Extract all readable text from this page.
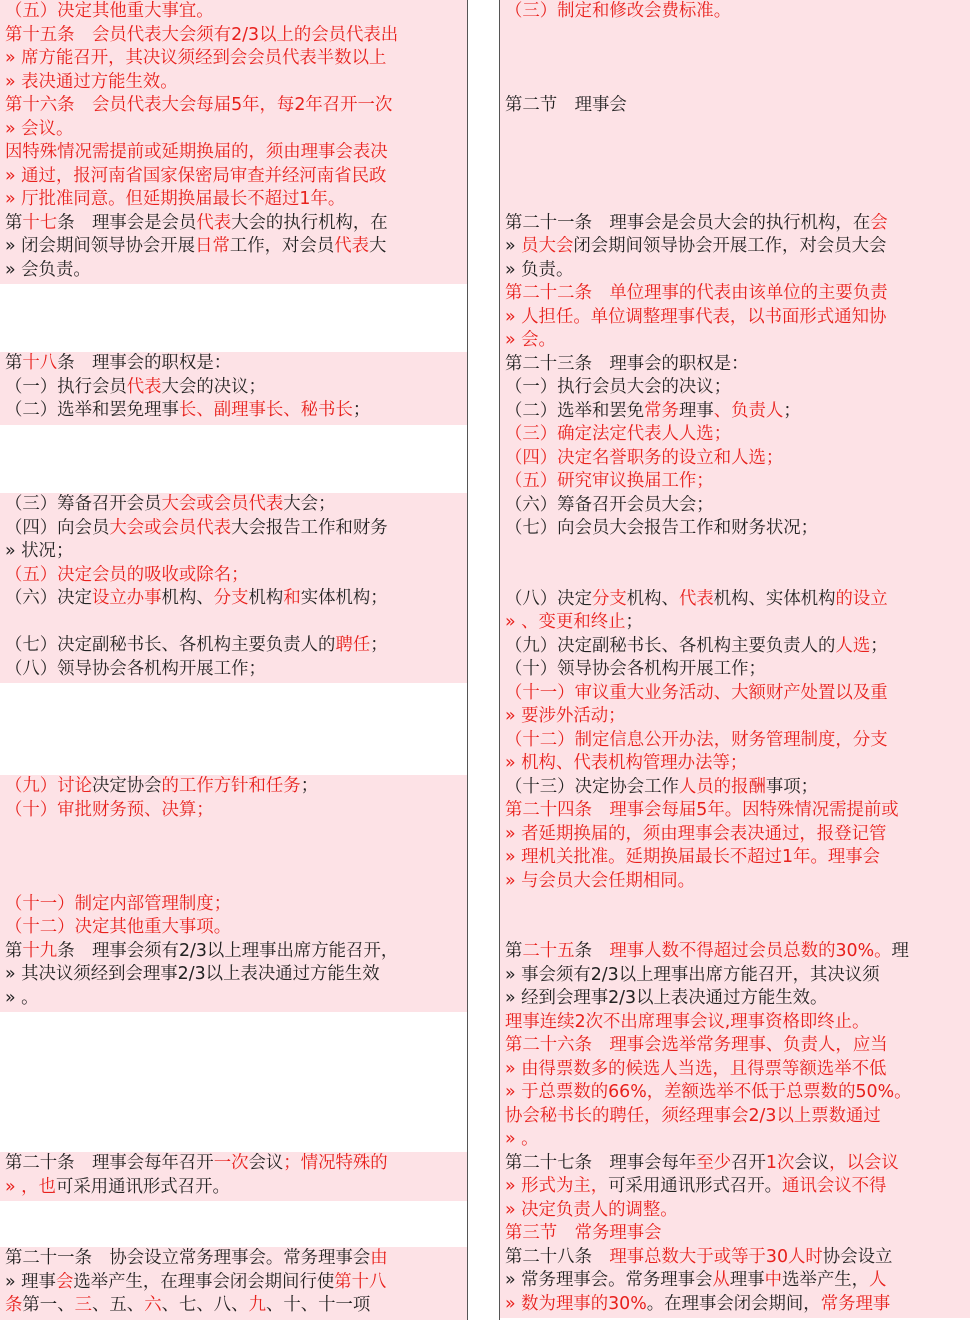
（五）决定其他重大事宜。
第十五条　会员代表大会须有2/3以上的会员代表出
» 席方能召开，其决议须经到会会员代表半数以上
» 表决通过方能生效。
第十六条　会员代表大会每届5年，每2年召开一次
» 会议。
因特殊情况需提前或延期换届的，须由理事会表决
» 通过，报河南省国家保密局审查并经河南省民政
» 厅批准同意。但延期换届最长不超过1年。
第十七条　理事会是会员代表大会的执行机构，在
» 闭会期间领导协会开展日常工作，对会员代表大
» 会负责。
第十八条　理事会的职权是：
（一）执行会员代表大会的决议；
（二）选举和罢免理事长、副理事长、秘书长；
（三）筹备召开会员大会或会员代表大会；
（四）向会员大会或会员代表大会报告工作和财务
» 状况；
（五）决定会员的吸收或除名；
（六）决定设立办事机构、分支机构和实体机构；
（七）决定副秘书长、各机构主要负责人的聘任；
（八）领导协会各机构开展工作；
（九）讨论决定协会的工作方针和任务；
（十）审批财务预、决算；
（十一）制定内部管理制度；
（十二）决定其他重大事项。
第十九条　理事会须有2/3以上理事出席方能召开，
» 其决议须经到会理事2/3以上表决通过方能生效
» 。
第二十条　理事会每年召开一次会议；情况特殊的
» ，也可采用通讯形式召开。
第二十一条　协会设立常务理事会。常务理事会由
» 理事会选举产生，在理事会闭会期间行使第十八
条第一、三、五、六、七、八、九、十、十一项
（三）制定和修改会费标准。
第二节　理事会
第二十一条　理事会是会员大会的执行机构，在会
» 员大会闭会期间领导协会开展工作，对会员大会
» 负责。
第二十二条　单位理事的代表由该单位的主要负责
» 人担任。单位调整理事代表，以书面形式通知协
» 会。
第二十三条　理事会的职权是：
（一）执行会员大会的决议；
（二）选举和罢免常务理事、负责人；
（三）确定法定代表人人选；
（四）决定名誉职务的设立和人选；
（五）研究审议换届工作；
（六）筹备召开会员大会；
（七）向会员大会报告工作和财务状况；
（八）决定分支机构、代表机构、实体机构的设立
» 、变更和终止；
（九）决定副秘书长、各机构主要负责人的人选；
（十）领导协会各机构开展工作；
（十一）审议重大业务活动、大额财产处置以及重
» 要涉外活动；
（十二）制定信息公开办法，财务管理制度，分支
» 机构、代表机构管理办法等；
（十三）决定协会工作人员的报酬事项；
第二十四条　理事会每届5年。因特殊情况需提前或
» 者延期换届的，须由理事会表决通过，报登记管
» 理机关批准。延期换届最长不超过1年。理事会
» 与会员大会任期相同。
第二十五条　理事人数不得超过会员总数的30%。理
» 事会须有2/3以上理事出席方能召开，其决议须
» 经到会理事2/3以上表决通过方能生效。
理事连续2次不出席理事会议,理事资格即终止。
第二十六条　理事会选举常务理事、负责人，应当
» 由得票数多的候选人当选，且得票等额选举不低
» 于总票数的66%，差额选举不低于总票数的50%。
协会秘书长的聘任，须经理事会2/3以上票数通过
» 。
第二十七条　理事会每年至少召开1次会议，以会议
» 形式为主，可采用通讯形式召开。通讯会议不得
» 决定负责人的调整。
第三节　常务理事会
第二十八条　理事总数大于或等于30人时协会设立
» 常务理事会。常务理事会从理事中选举产生，人
» 数为理事的30%。在理事会闭会期间，常务理事
